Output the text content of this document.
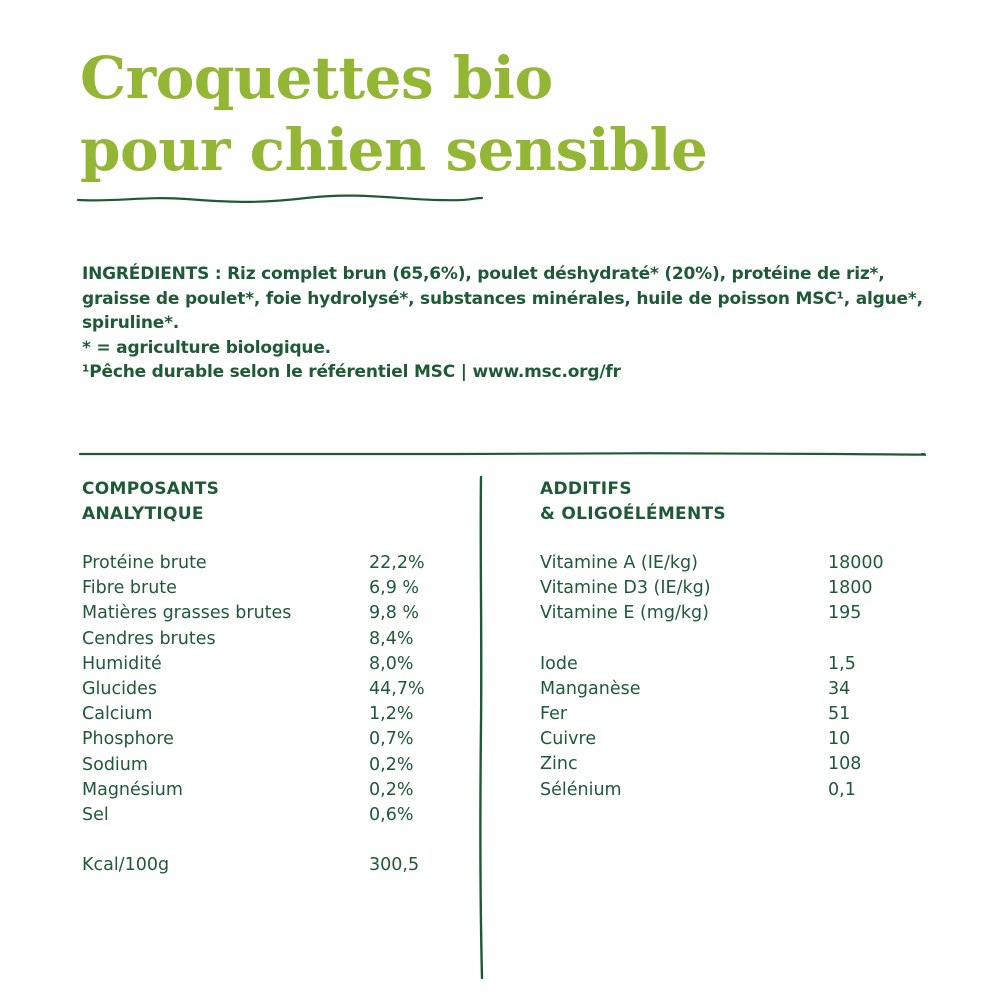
Croquettes bio
pour chien sensible

INGRÉDIENTS : Riz complet brun (65,6%), poulet déshydraté* (20%), protéine de riz*, graisse de poulet*, foie hydrolysé*, substances minérales, huile de poisson MSC¹, algue*, spiruline*.

* = agriculture biologique.

¹Pêche durable selon le référentiel MSC | www.msc.org/fr

COMPOSANTS
ANALYTIQUE
ADDITIFS
& OLIGOÉLÉMENTS
Protéine brute	22,2%
Fibre brute	6,9 %
Matières grasses brutes	9,8 %
Cendres brutes	8,4%
Humidité	8,0%
Glucides	44,7%
Calcium	1,2%
Phosphore	0,7%
Sodium	0,2%
Magnésium	0,2%
Sel	0,6%
Kcal/100g	300,5
Vitamine A (IE/kg)	18000
Vitamine D3 (IE/kg)	1800
Vitamine E (mg/kg)	195
Iode	1,5
Manganèse	34
Fer	51
Cuivre	10
Zinc	108
Sélénium	0,1
